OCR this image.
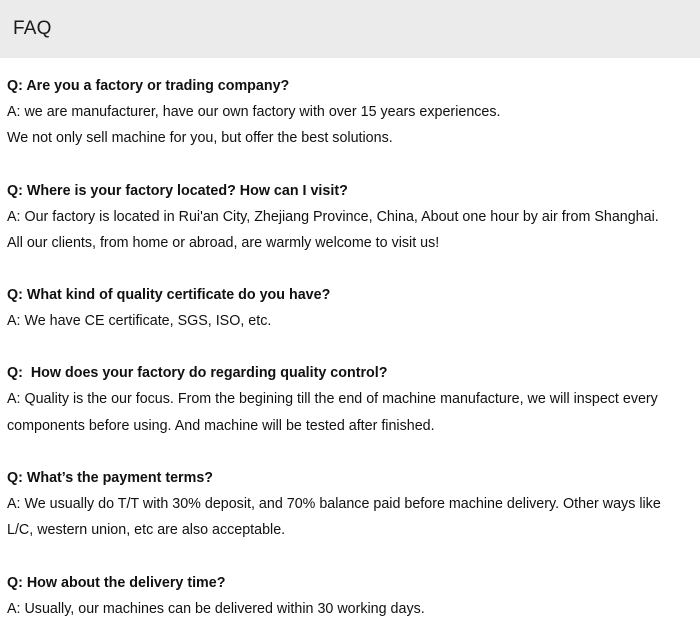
FAQ

Q: Are you a factory or trading company?

A: we are manufacturer, have our own factory with over 15 years experiences.
We not only sell machine for you, but offer the best solutions.

Q: Where is your factory located? How can I visit?

A: Our factory is located in Rui'an City, Zhejiang Province, China, About one hour by air from Shanghai.
All our clients, from home or abroad, are warmly welcome to visit us!

Q: What kind of quality certificate do you have?

A: We have CE certificate, SGS, ISO, etc.

Q:  How does your factory do regarding quality control?

A: Quality is the our focus. From the begining till the end of machine manufacture, we will inspect every
components before using. And machine will be tested after finished.

Q: What’s the payment terms?

A: We usually do T/T with 30% deposit, and 70% balance paid before machine delivery. Other ways like
L/C, western union, etc are also acceptable.

Q: How about the delivery time?

A: Usually, our machines can be delivered within 30 working days.
